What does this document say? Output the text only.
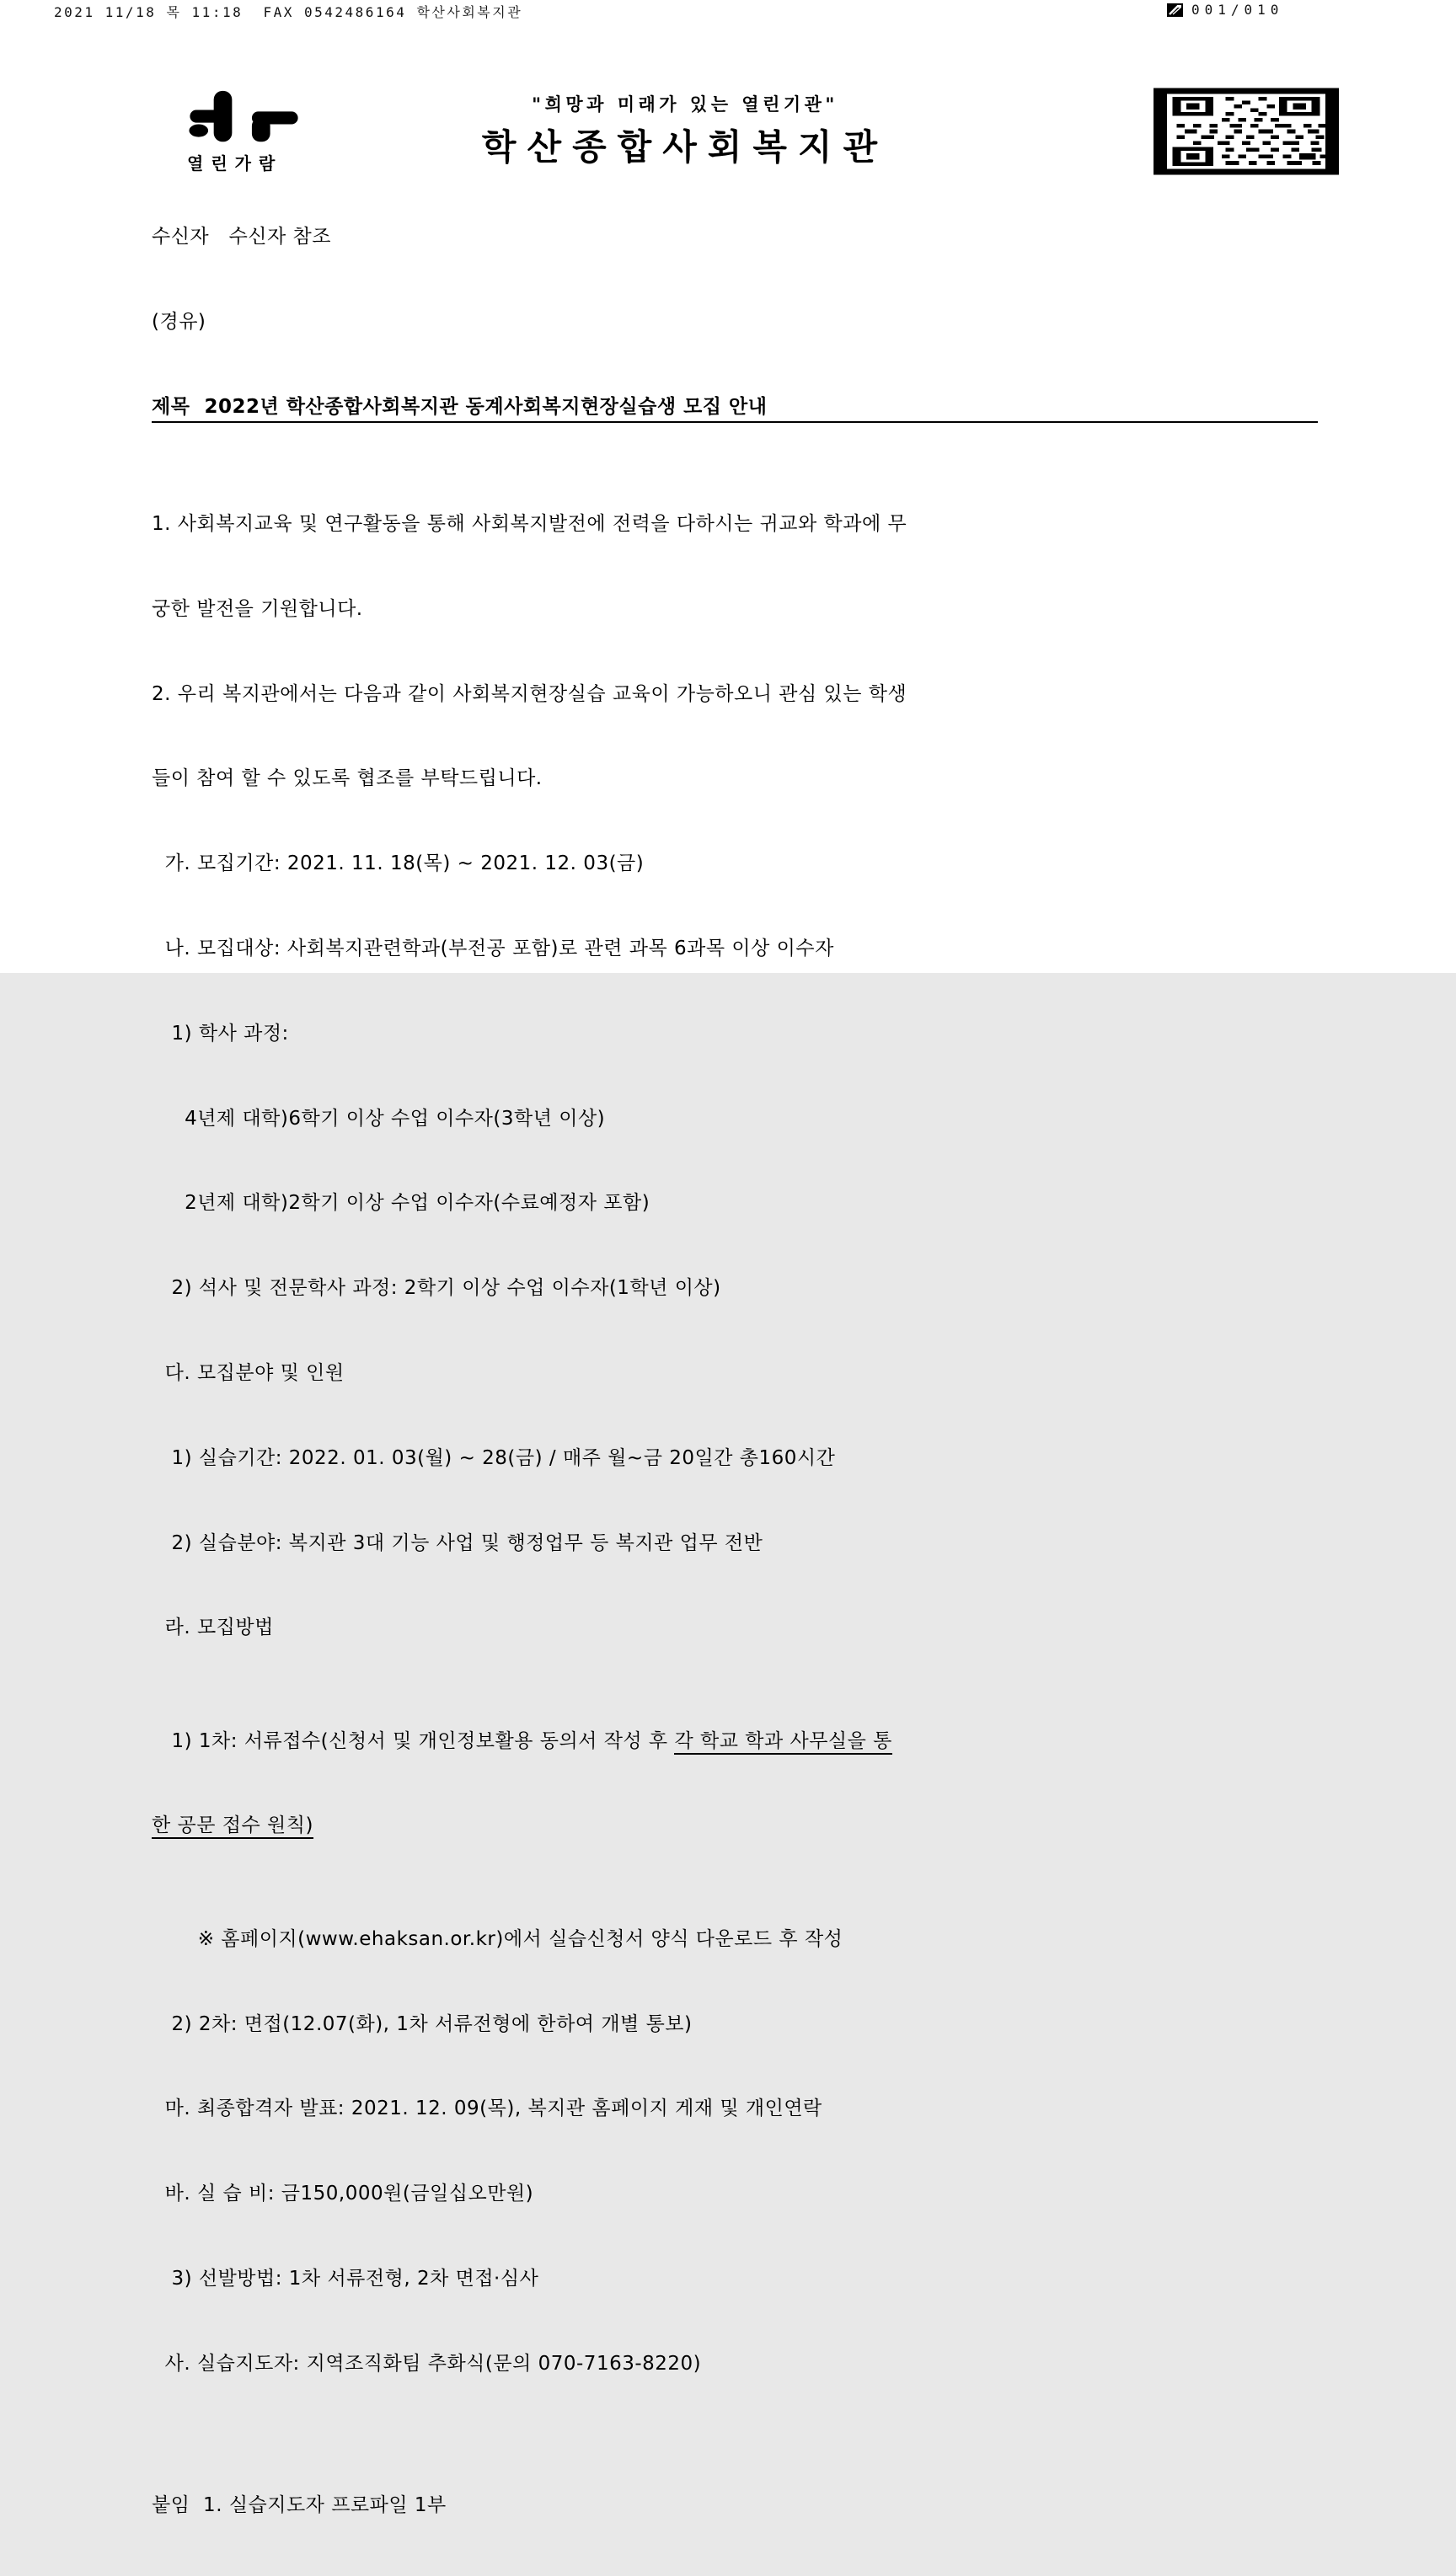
2021 11/18 목 11:18  FAX 0542486164 학산사회복지관	001/010
열린가람
"희망과 미래가 있는 열린기관"
학산종합사회복지관

수신자   수신자 참조

(경유)

제목  2022년 학산종합사회복지관 동계사회복지현장실습생 모집 안내

1. 사회복지교육 및 연구활동을 통해 사회복지발전에 전력을 다하시는 귀교와 학과에 무

궁한 발전을 기원합니다.

2. 우리 복지관에서는 다음과 같이 사회복지현장실습 교육이 가능하오니 관심 있는 학생

들이 참여 할 수 있도록 협조를 부탁드립니다.

가. 모집기간: 2021. 11. 18(목) ~ 2021. 12. 03(금)

나. 모집대상: 사회복지관련학과(부전공 포함)로 관련 과목 6과목 이상 이수자

1) 학사 과정:

4년제 대학)6학기 이상 수업 이수자(3학년 이상)

2년제 대학)2학기 이상 수업 이수자(수료예정자 포함)

2) 석사 및 전문학사 과정: 2학기 이상 수업 이수자(1학년 이상)

다. 모집분야 및 인원

1) 실습기간: 2022. 01. 03(월) ~ 28(금) / 매주 월~금 20일간 총160시간

2) 실습분야: 복지관 3대 기능 사업 및 행정업무 등 복지관 업무 전반

라. 모집방법

1) 1차: 서류접수(신청서 및 개인정보활용 동의서 작성 후 각 학교 학과 사무실을 통

한 공문 접수 원칙)

※ 홈페이지(www.ehaksan.or.kr)에서 실습신청서 양식 다운로드 후 작성

2) 2차: 면접(12.07(화), 1차 서류전형에 한하여 개별 통보)

마. 최종합격자 발표: 2021. 12. 09(목), 복지관 홈페이지 게재 및 개인연락

바. 실 습 비: 금150,000원(금일십오만원)

3) 선발방법: 1차 서류전형, 2차 면접·심사

사. 실습지도자: 지역조직화팀 추화식(문의 070-7163-8220)

붙임  1. 실습지도자 프로파일 1부
